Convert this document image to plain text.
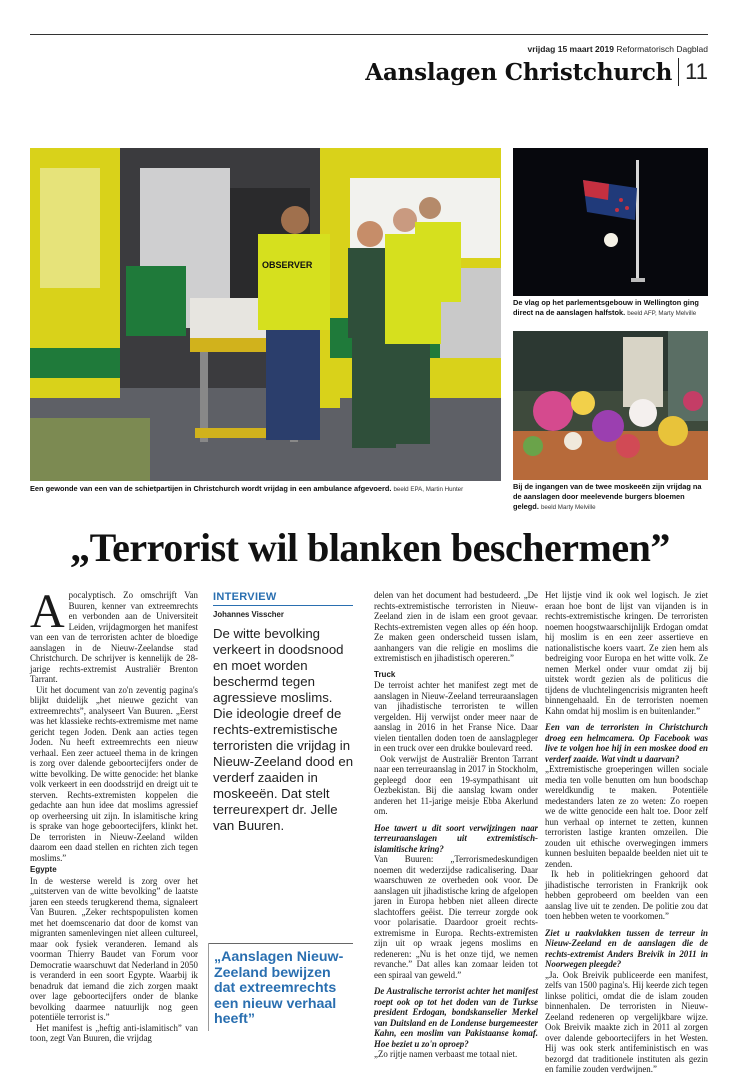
vrijdag 15 maart 2019 Reformatorisch Dagblad
Aanslagen Christchurch 11
OBSERVER
Een gewonde van een van de schietpartijen in Christchurch wordt vrijdag in een ambulance afgevoerd. beeld EPA, Martin Hunter
De vlag op het parlementsgebouw in Wellington ging direct na de aanslagen halfstok. beeld AFP, Marty Melville
Bij de ingangen van de twee moskeeën zijn vrijdag na de aanslagen door meelevende burgers bloemen gelegd. beeld Marty Melville
„Terrorist wil blanken beschermen”
A pocalyptisch. Zo omschrijft Van Buuren, kenner van extreemrechts en verbonden aan de Universiteit Leiden, vrijdagmorgen het manifest van een van de terroristen achter de bloedige aanslagen in de Nieuw-Zeelandse stad Christchurch. De schrijver is kennelijk de 28-jarige rechts-extremist Australiër Brenton Tarrant.

Uit het document van zo'n zeventig pagina's blijkt duidelijk „het nieuwe gezicht van extreemrechts”, analyseert Van Buuren. „Eerst was het klassieke rechts-extremisme met name gericht tegen Joden. Denk aan acties tegen Joden. Nu heeft extreemrechts een nieuw verhaal. Een zeer actueel thema in de kringen is zorg over dalende geboortecijfers onder de witte bevolking. De witte genocide: het blanke volk verkeert in een doodsstrijd en dreigt uit te sterven. Rechts-extremisten koppelen die gedachte aan hun idee dat moslims agressief op overheersing uit zijn. In islamitische kring is sprake van hoge geboortecijfers, klinkt het. De terroristen in Nieuw-Zeeland wilden daarom een daad stellen en richten zich tegen moslims.”

Egypte

In de westerse wereld is zorg over het „uitsterven van de witte bevolking” de laatste jaren een steeds terugkerend thema, signaleert Van Buuren. „Zeker rechtspopulisten komen met het doemscenario dat door de komst van migranten samenlevingen niet alleen cultureel, maar ook fysiek veranderen. Iemand als voorman Thierry Baudet van Forum voor Democratie waarschuwt dat Nederland in 2050 is veranderd in een soort Egypte. Waarbij ik benadruk dat iemand die zich zorgen maakt over lage geboortecijfers onder de blanke bevolking daarmee natuurlijk nog geen potentiële terrorist is.”

Het manifest is „heftig anti-islamitisch” van toon, zegt Van Buuren, die vrijdag

INTERVIEW
Johannes Visscher
De witte bevolking verkeert in doodsnood en moet worden beschermd tegen agressieve moslims. Die ideologie dreef de rechts-extremistische terroristen die vrijdag in Nieuw-Zeeland dood en verderf zaaiden in moskeeën. Dat stelt terreurexpert dr. Jelle van Buuren.
„Aanslagen Nieuw-Zeeland bewijzen dat extreemrechts een nieuw verhaal heeft”

delen van het document had bestudeerd. „De rechts-extremistische terroristen in Nieuw-Zeeland zien in de islam een groot gevaar. Rechts-extremisten vegen alles op één hoop. Ze maken geen onderscheid tussen islam, aanhangers van die religie en moslims die extremistisch en jihadistisch opereren.”

Truck

De terroist achter het manifest zegt met de aanslagen in Nieuw-Zeeland terreuraanslagen van jihadistische terroristen te willen vergelden. Hij verwijst onder meer naar de aanslag in 2016 in het Franse Nice. Daar vielen tientallen doden toen de aanslagpleger in een truck over een drukke boulevard reed.

Ook verwijst de Australiër Brenton Tarrant naar een terreuraanslag in 2017 in Stockholm, gepleegd door een 19-sympathisant uit Oezbekistan. Bij die aanslag kwam onder anderen het 11-jarige meisje Ebba Akerlund om.

Hoe tawert u dit soort verwijzingen naar terreuraanslagen uit extremistisch-islamitische kring?

Van Buuren: „Terrorismedeskundigen noemen dit wederzijdse radicalisering. Daar waarschuwen ze overheden ook voor. De aanslagen uit jihadistische kring de afgelopen jaren in Europa hebben niet alleen directe slachtoffers geëist. Die terreur zorgde ook voor polarisatie. Daardoor groeit rechts-extremisme in Europa. Rechts-extremisten zijn uit op wraak jegens moslims en redeneren: „Nu is het onze tijd, we nemen revanche.” Dat alles kan zomaar leiden tot een spiraal van geweld.”

De Australische terrorist achter het manifest roept ook op tot het doden van de Turkse president Erdogan, bondskanselier Merkel van Duitsland en de Londense burgemeester Kahn, een moslim van Pakistaanse komaf. Hoe beziet u zo'n oproep?

„Zo rijtje namen verbaast me totaal niet.

Het lijstje vind ik ook wel logisch. Je ziet eraan hoe bont de lijst van vijanden is in rechts-extremistische kringen. De terroristen noemen hoogstwaarschijnlijk Erdogan omdat hij moslim is en een zeer assertieve en nationalistische koers vaart. Ze zien hem als bedreiging voor Europa en het witte volk. Ze nemen Merkel onder vuur omdat zij bij uitstek wordt gezien als de politicus die tijdens de vluchtelingencrisis migranten heeft binnengehaald. En de terroristen noemen Kahn omdat hij moslim is en buitenlander.”

Een van de terroristen in Christchurch droeg een helmcamera. Op Facebook was live te volgen hoe hij in een moskee dood en verderf zaaide. Wat vindt u daarvan?

„Extremistische groeperingen willen sociale media ten volle benutten om hun boodschap wereldkundig te maken. Potentiële medestanders laten ze zo weten: Zo roepen we de witte genocide een halt toe. Door zelf hun verhaal op internet te zetten, kunnen terroristen lastige kranten omzeilen. Die zouden uit ethische overwegingen immers kunnen besluiten bepaalde beelden niet uit te zenden.

Ik heb in politiekringen gehoord dat jihadistische terroristen in Frankrijk ook hebben geprobeerd om beelden van een aanslag live uit te zenden. De politie zou dat toen hebben weten te voorkomen.”

Ziet u raakvlakken tussen de terreur in Nieuw-Zeeland en de aanslagen die de rechts-extremist Anders Breivik in 2011 in Noorwegen pleegde?

„Ja. Ook Breivik publiceerde een manifest, zelfs van 1500 pagina's. Hij keerde zich tegen linkse politici, omdat die de islam zouden binnenhalen. De terroristen in Nieuw-Zeeland redeneren op vergelijkbare wijze. Ook Breivik maakte zich in 2011 al zorgen over dalende geboortecijfers in het Westen. Hij was ook sterk antifeministisch en was bezorgd dat traditionele instituten als gezin en familie zouden verdwijnen.”
